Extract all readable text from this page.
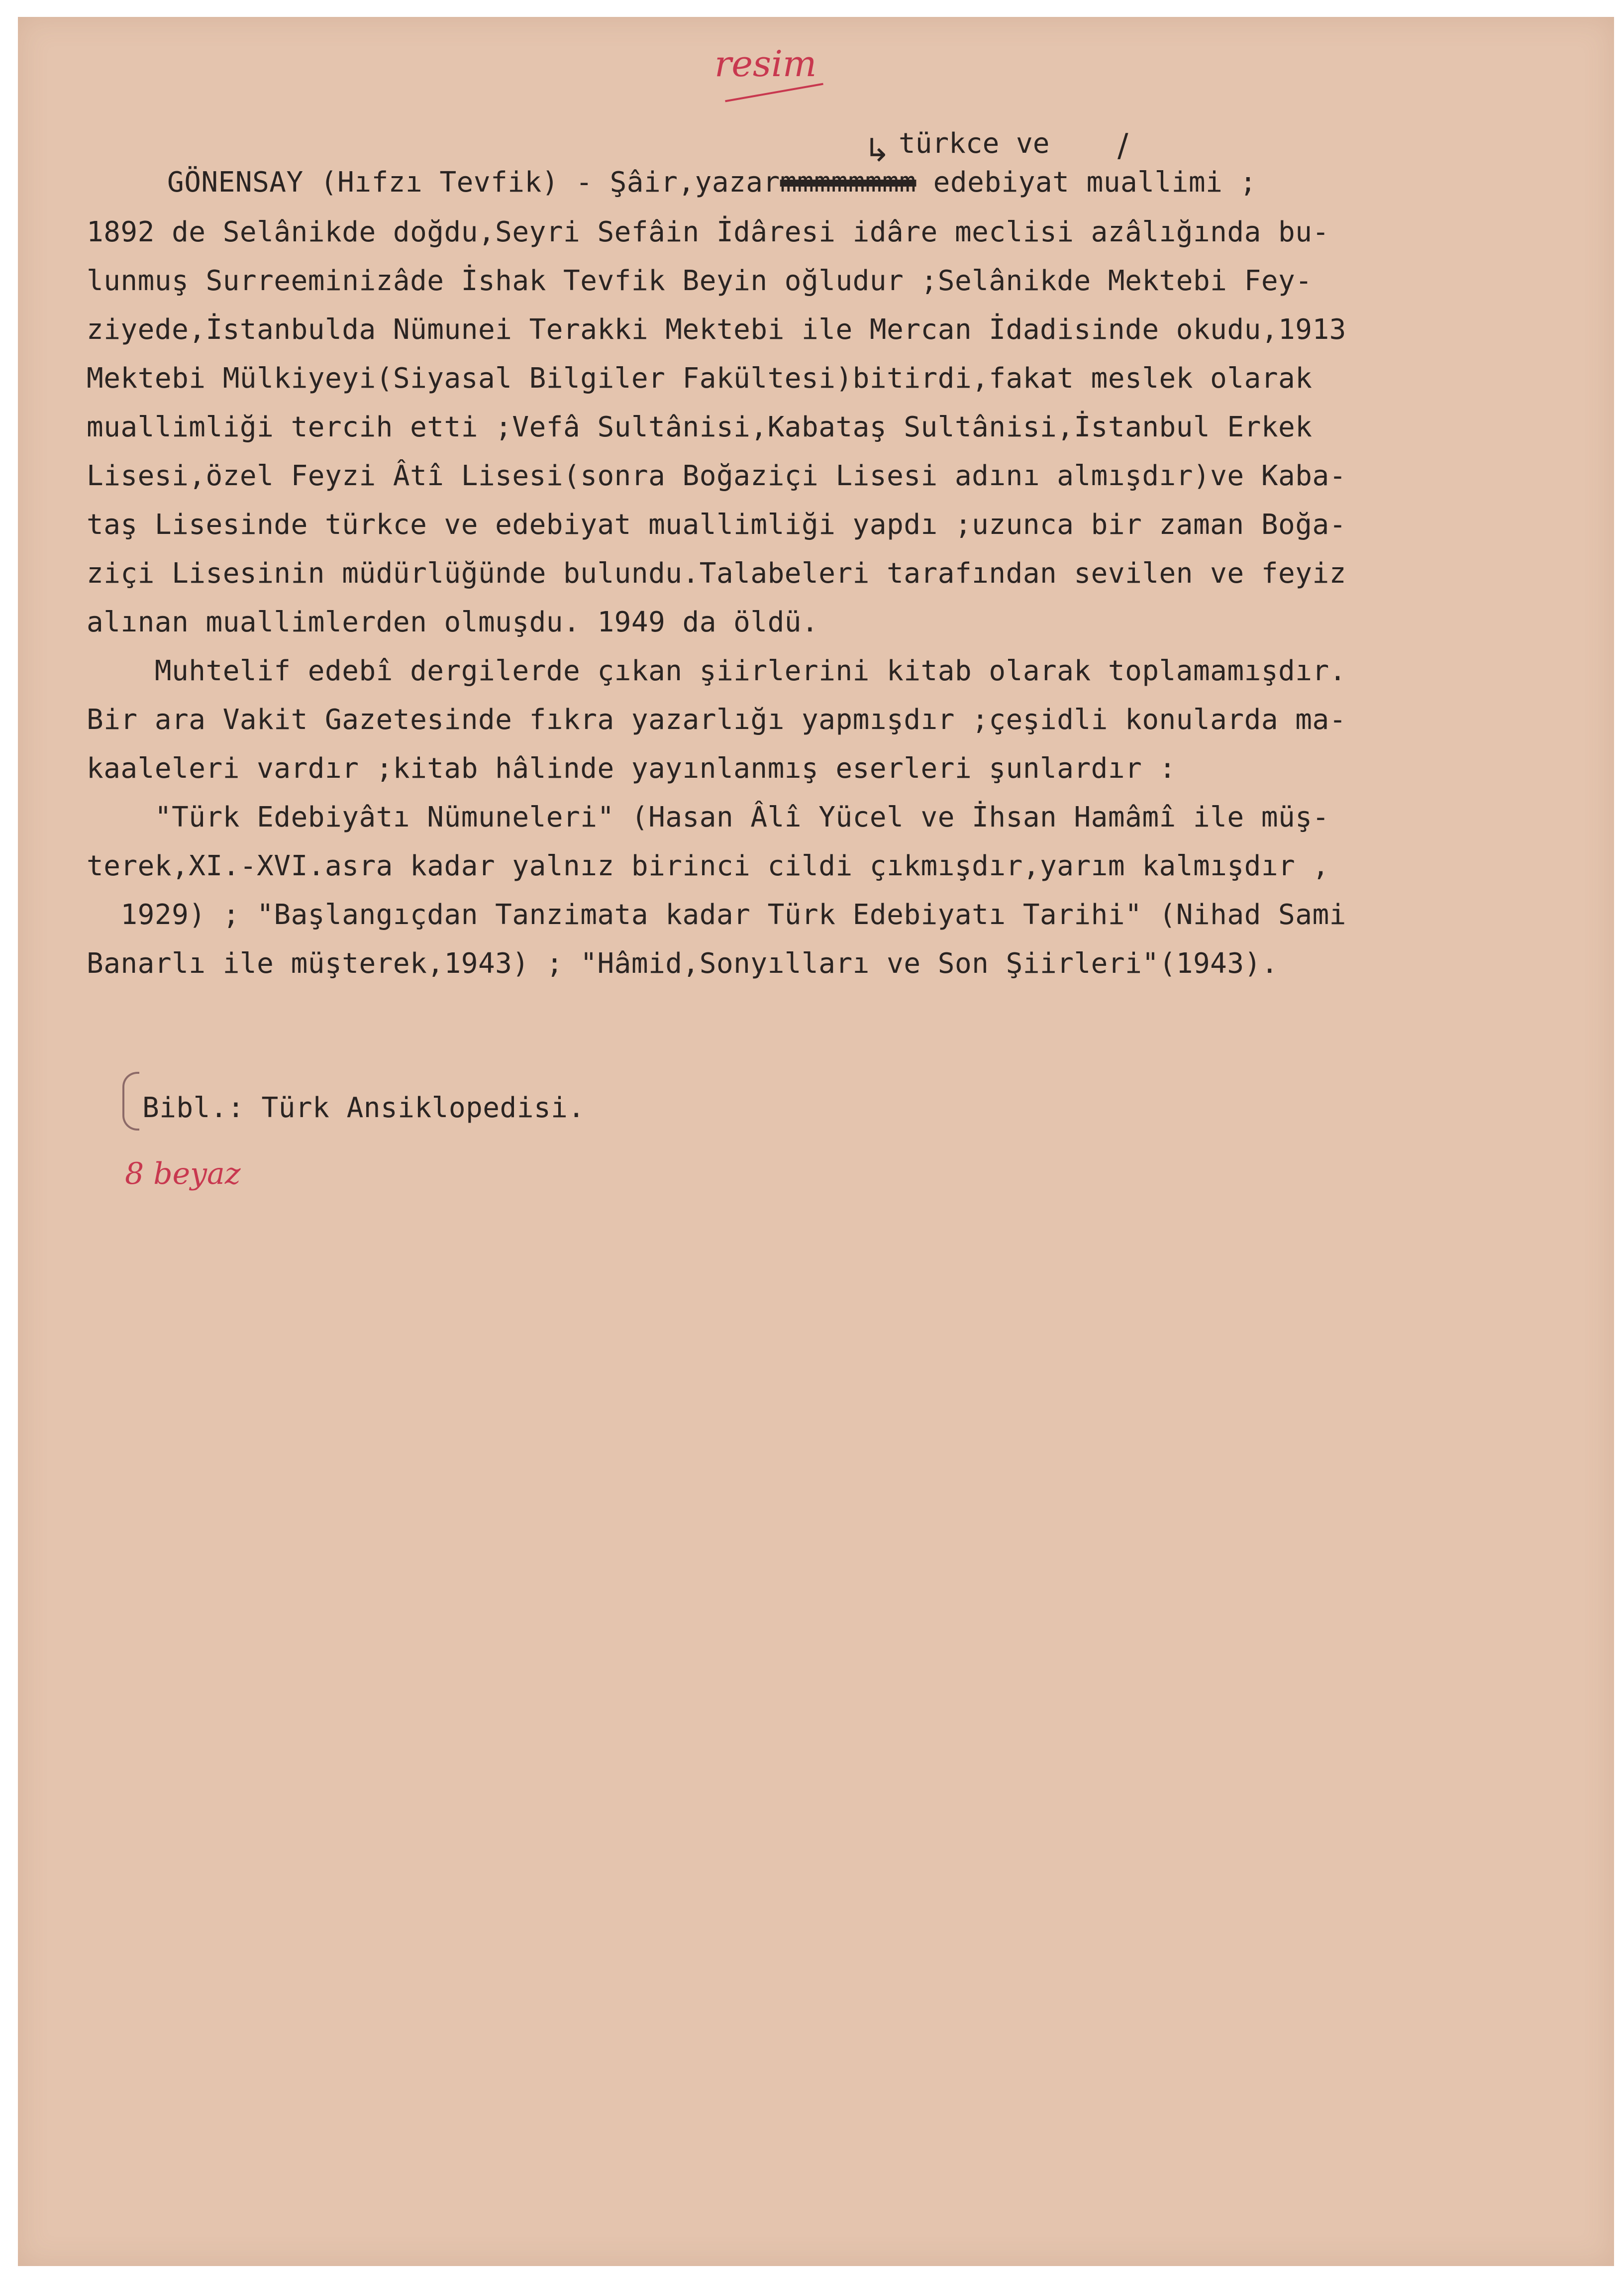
resim
türkce ve
↳	/
GÖNENSAY (Hıfzı Tevfik) - Şâir,yazarmmmmmmmm edebiyat muallimi ;
1892 de Selânikde doğdu,Seyri Sefâin İdâresi idâre meclisi azâlığında bu-
lunmuş Surreeminizâde İshak Tevfik Beyin oğludur ;Selânikde Mektebi Fey-
ziyede,İstanbulda Nümunei Terakki Mektebi ile Mercan İdadisinde okudu,1913
Mektebi Mülkiyeyi(Siyasal Bilgiler Fakültesi)bitirdi,fakat meslek olarak
muallimliği tercih etti ;Vefâ Sultânisi,Kabataş Sultânisi,İstanbul Erkek
Lisesi,özel Feyzi Âtî Lisesi(sonra Boğaziçi Lisesi adını almışdır)ve Kaba-
taş Lisesinde türkce ve edebiyat muallimliği yapdı ;uzunca bir zaman Boğa-
ziçi Lisesinin müdürlüğünde bulundu.Talabeleri tarafından sevilen ve feyiz
alınan muallimlerden olmuşdu. 1949 da öldü.
Muhtelif edebî dergilerde çıkan şiirlerini kitab olarak toplamamışdır.
Bir ara Vakit Gazetesinde fıkra yazarlığı yapmışdır ;çeşidli konularda ma-
kaaleleri vardır ;kitab hâlinde yayınlanmış eserleri şunlardır :
"Türk Edebiyâtı Nümuneleri" (Hasan Âlî Yücel ve İhsan Hamâmî ile müş-
terek,XI.-XVI.asra kadar yalnız birinci cildi çıkmışdır,yarım kalmışdır ,
1929) ; "Başlangıçdan Tanzimata kadar Türk Edebiyatı Tarihi" (Nihad Sami
Banarlı ile müşterek,1943) ; "Hâmid,Sonyılları ve Son Şiirleri"(1943).
Bibl.: Türk Ansiklopedisi.
8 beyaz
